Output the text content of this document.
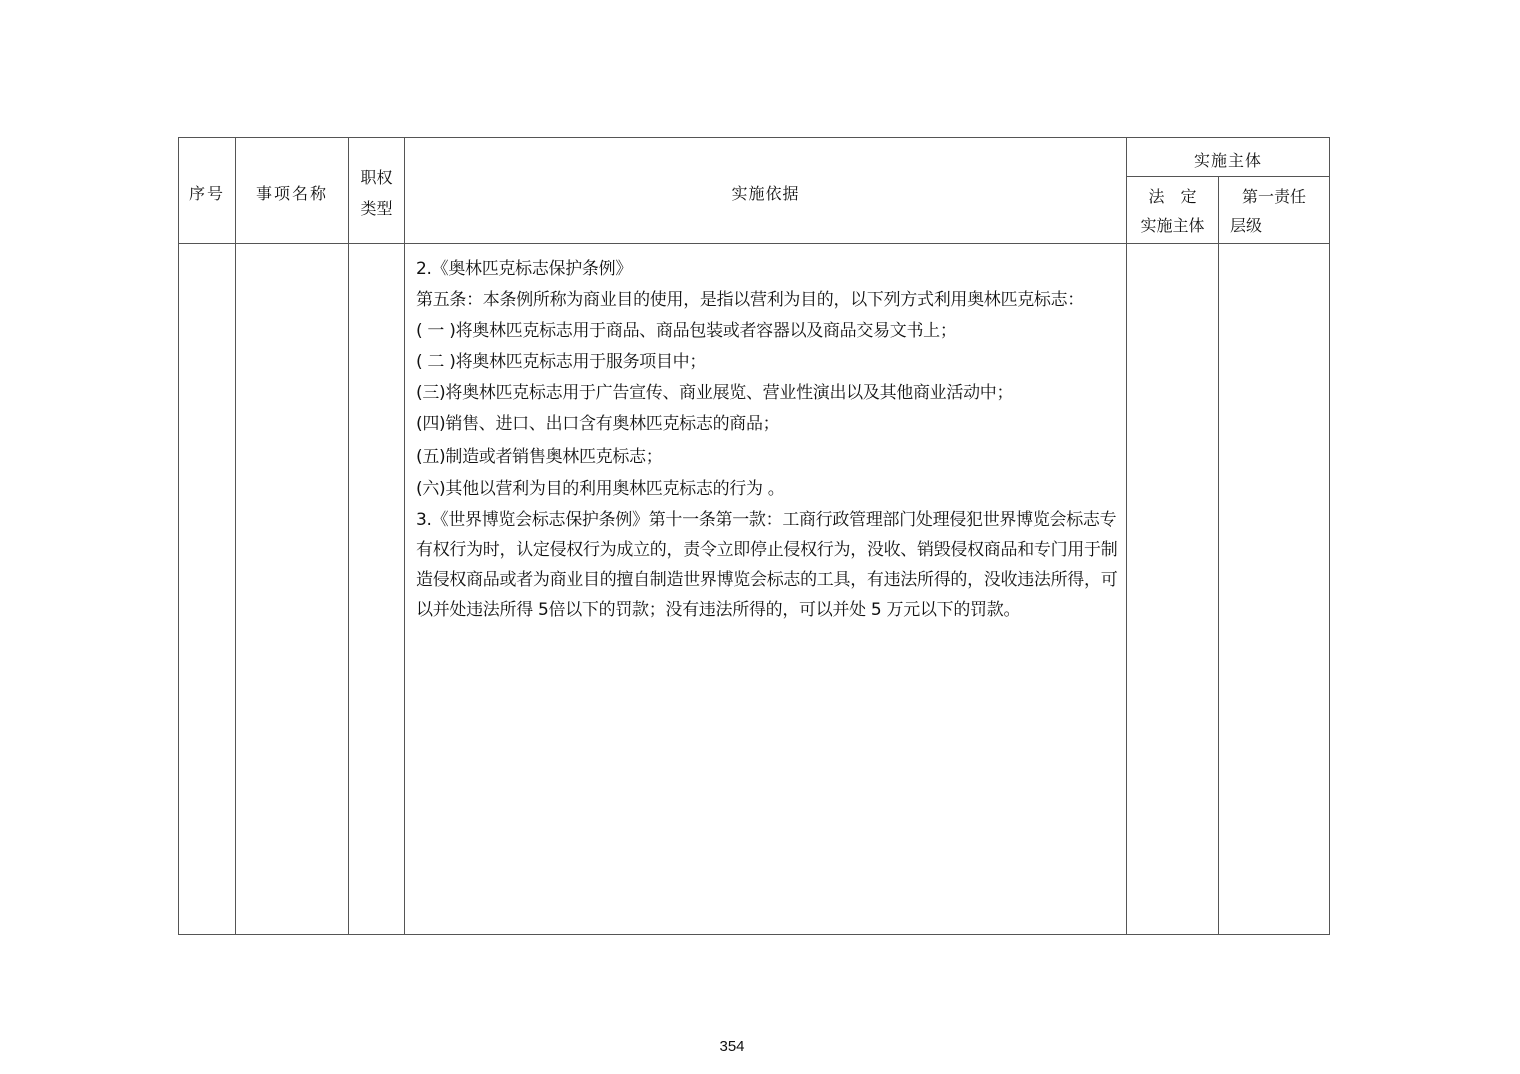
序号	事项名称
职权
类型
实施依据
实施主体
法　定
实施主体
第一责任
层级
2.《奥林匹克标志保护条例》
第五条：本条例所称为商业目的使用，是指以营利为目的，以下列方式利用奥林匹克标志：
( 一 )将奥林匹克标志用于商品、商品包装或者容器以及商品交易文书上；
( 二 )将奥林匹克标志用于服务项目中；
(三)将奥林匹克标志用于广告宣传、商业展览、营业性演出以及其他商业活动中；
(四)销售、进口、出口含有奥林匹克标志的商品；
(五)制造或者销售奥林匹克标志；
(六)其他以营利为目的利用奥林匹克标志的行为 。
3.《世界博览会标志保护条例》第十一条第一款：工商行政管理部门处理侵犯世界博览会标志专有权行为时，认定侵权行为成立的，责令立即停止侵权行为，没收、销毁侵权商品和专门用于制造侵权商品或者为商业目的擅自制造世界博览会标志的工具，有违法所得的，没收违法所得，可以并处违法所得 5倍以下的罚款；没有违法所得的，可以并处 5 万元以下的罚款。
354
